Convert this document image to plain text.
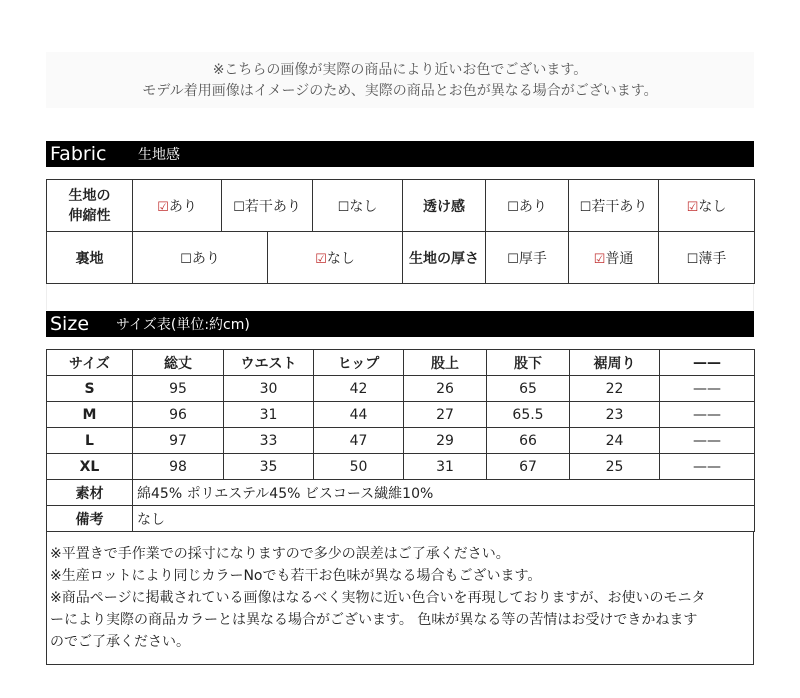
※こちらの画像が実際の商品により近いお色でございます。
モデル着用画像はイメージのため、実際の商品とお色が異なる場合がございます。
Fabric 生地感
生地の
伸縮性	☑あり	☐若干あり		☐なし	透け感	☐あり	☐若干あり	☑なし
裏地	☐あり		☑なし		生地の厚さ	☐厚手	☑普通	☐薄手
Size サイズ表(単位:約cm)
サイズ	総丈	ウエスト	ヒップ	股上	股下	裾周り	——
S	95	30	42	26	65	22	——
M	96	31	44	27	65.5	23	——
L	97	33	47	29	66	24	——
XL	98	35	50	31	67	25	——
素材	綿45% ポリエステル45% ビスコース繊維10%						
備考	なし						
※平置きで手作業での採寸になりますので多少の誤差はご了承ください。
※生産ロットにより同じカラーNoでも若干お色味が異なる場合もございます。
※商品ページに掲載されている画像はなるべく実物に近い色合いを再現しておりますが、お使いのモニタ
ーにより実際の商品カラーとは異なる場合がございます。 色味が異なる等の苦情はお受けできかねます
のでご了承ください。
